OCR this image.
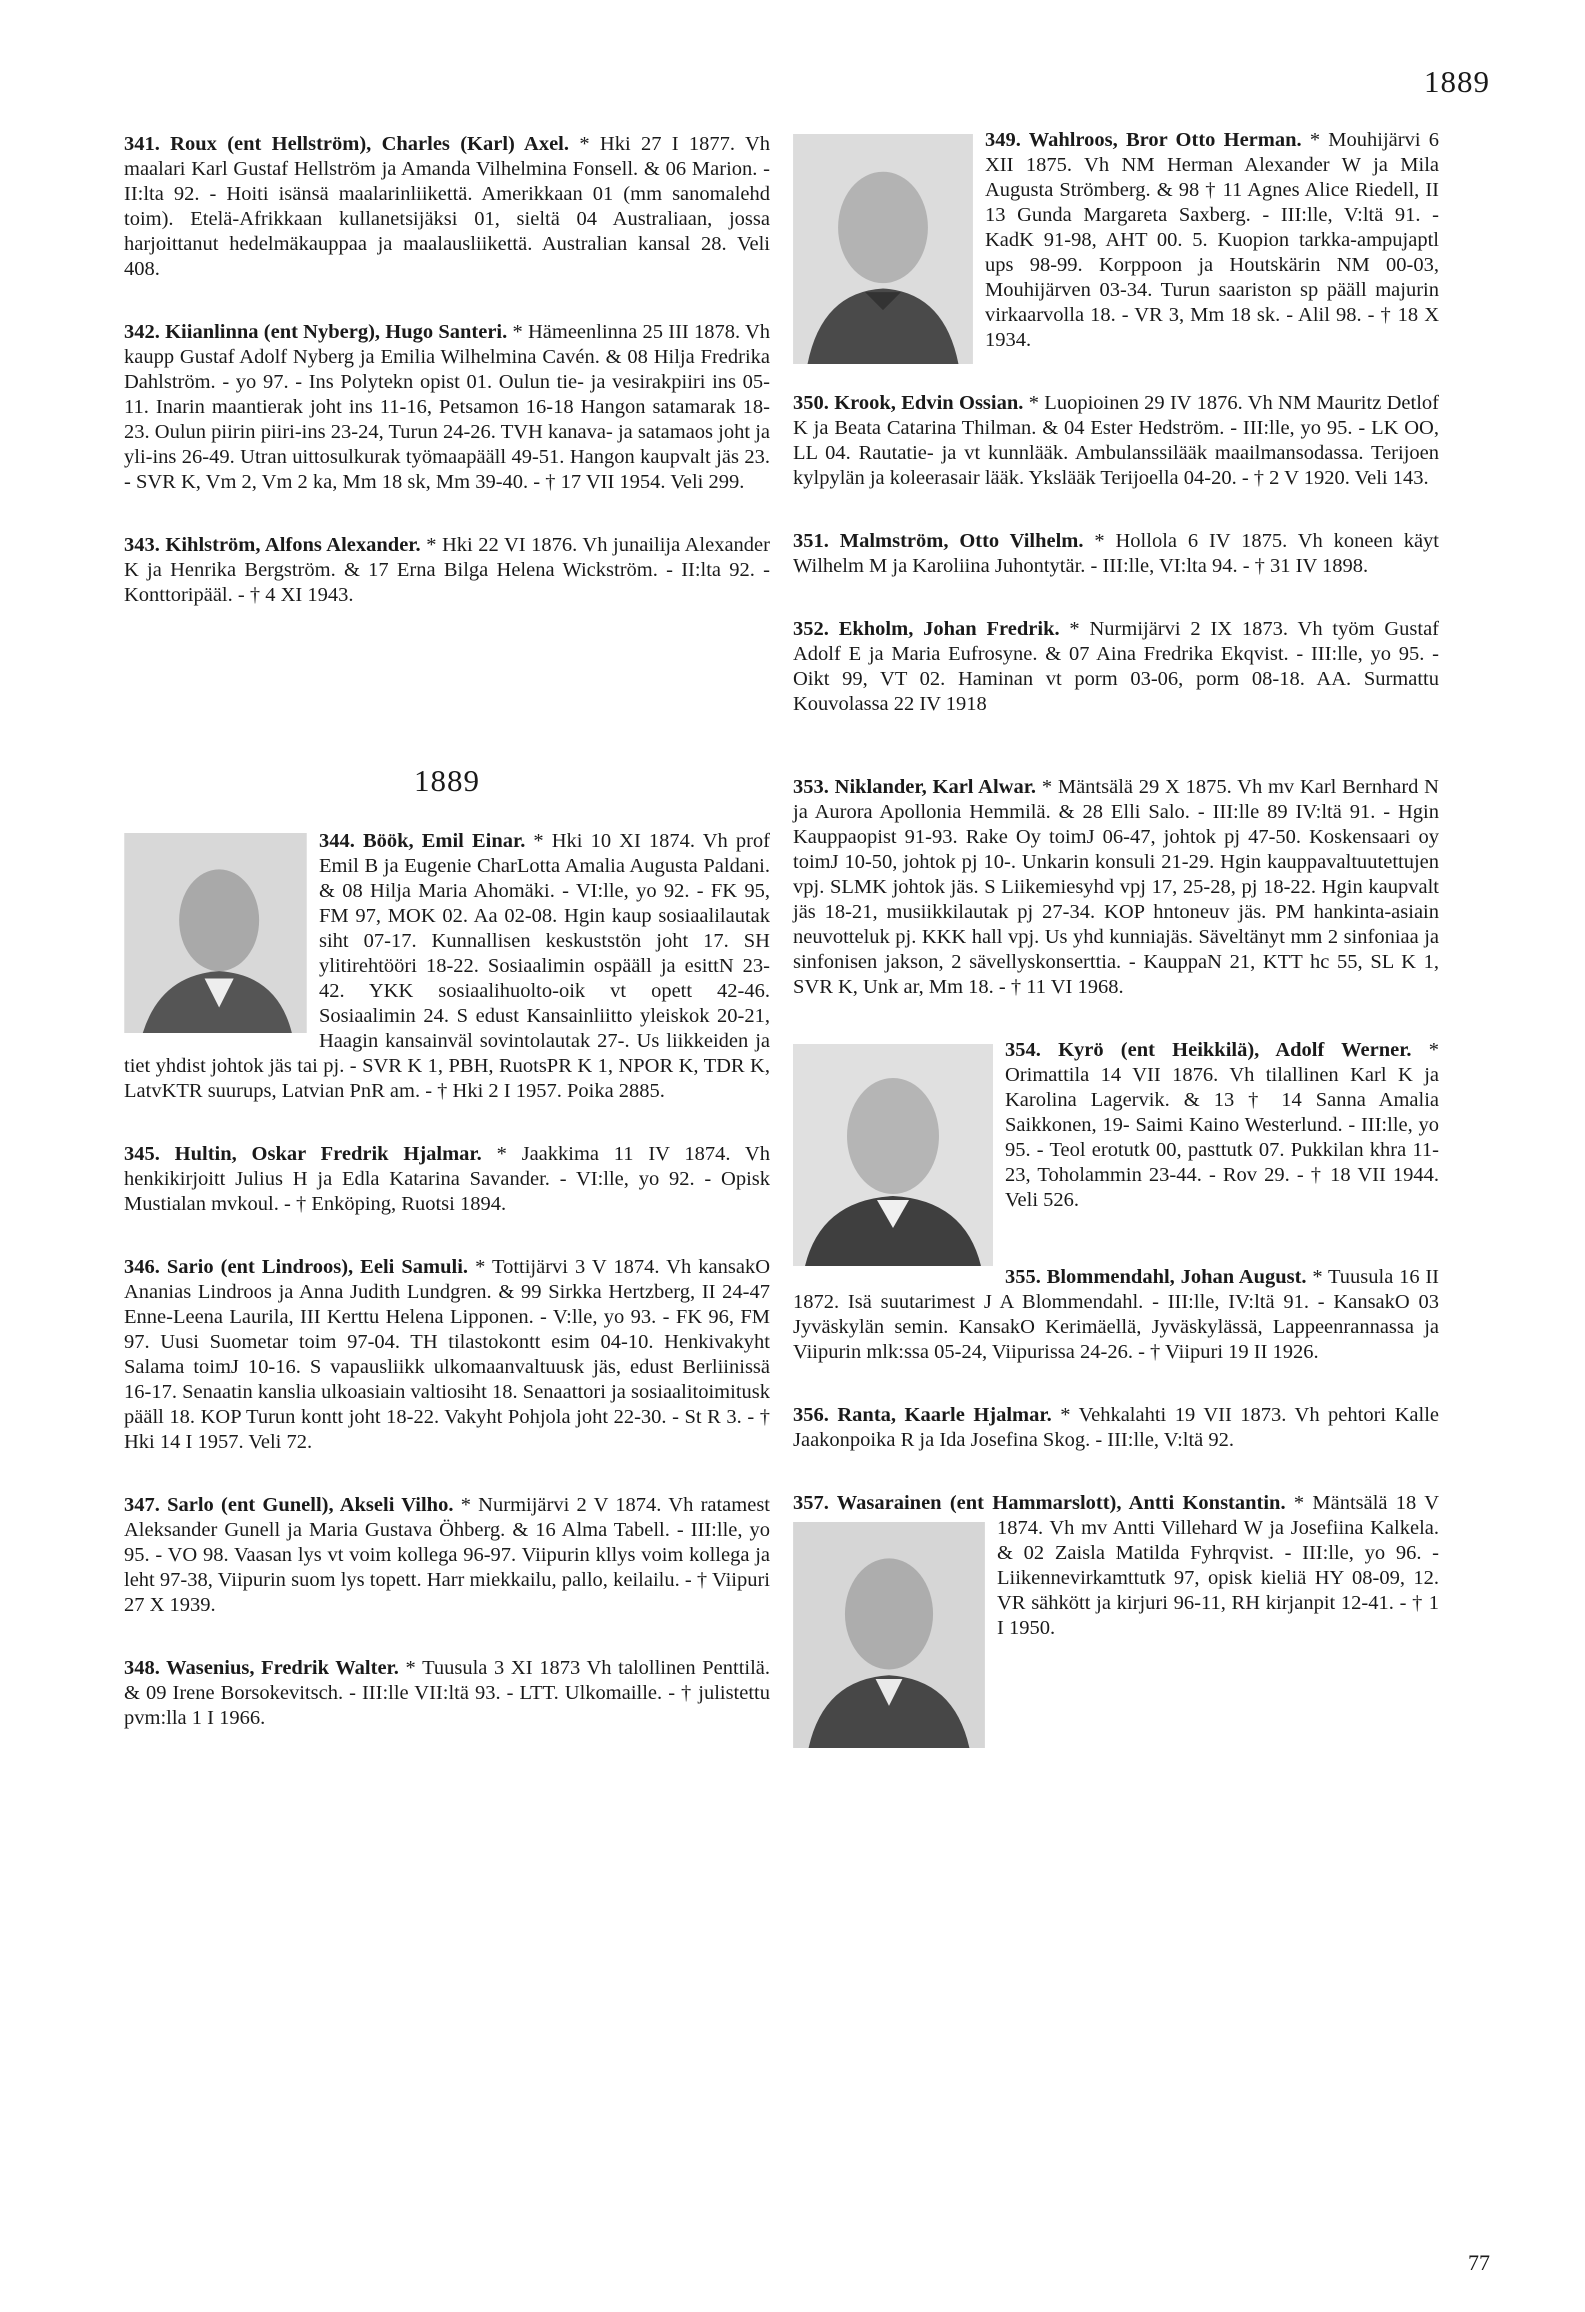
1889

341. Roux (ent Hellström), Charles (Karl) Axel. * Hki 27 I 1877. Vh maalari Karl Gustaf Hellström ja Amanda Vilhelmina Fonsell. & 06 Marion. - II:lta 92. - Hoiti isänsä maalarinliikettä. Amerikkaan 01 (mm sanomalehd toim). Etelä-Afrikkaan kullanetsijäksi 01, sieltä 04 Australiaan, jossa harjoittanut hedelmäkauppaa ja maalausliikettä. Australian kansal 28. Veli 408.

342. Kiianlinna (ent Nyberg), Hugo Santeri. * Hämeenlinna 25 III 1878. Vh kaupp Gustaf Adolf Nyberg ja Emilia Wilhelmina Cavén. & 08 Hilja Fredrika Dahlström. - yo 97. - Ins Polytekn opist 01. Oulun tie- ja vesirakpiiri ins 05-11. Inarin maantierak joht ins 11-16, Petsamon 16-18 Hangon satamarak 18-23. Oulun piirin piiri-ins 23-24, Turun 24-26. TVH kanava- ja satamaos joht ja yli-ins 26-49. Utran uittosulkurak työmaapääll 49-51. Hangon kaupvalt jäs 23. - SVR K, Vm 2, Vm 2 ka, Mm 18 sk, Mm 39-40. - † 17 VII 1954. Veli 299.

343. Kihlström, Alfons Alexander. * Hki 22 VI 1876. Vh junailija Alexander K ja Henrika Bergström. & 17 Erna Bilga Helena Wickström. - II:lta 92. - Konttoripääl. - † 4 XI 1943.

1889

344. Böök, Emil Einar. * Hki 10 XI 1874. Vh prof Emil B ja Eugenie CharLotta Amalia Augusta Paldani. & 08 Hilja Maria Ahomäki. - VI:lle, yo 92. - FK 95, FM 97, MOK 02. Aa 02-08. Hgin kaup sosiaalilautak siht 07-17. Kunnallisen keskuststön joht 17. SH ylitirehtööri 18-22. Sosiaalimin ospääll ja esittN 23-42. YKK sosiaalihuolto-oik vt opett 42-46. Sosiaalimin 24. S edust Kansainliitto yleiskok 20-21, Haagin kansainväl sovintolautak 27-. Us liikkeiden ja tiet yhdist johtok jäs tai pj. - SVR K 1, PBH, RuotsPR K 1, NPOR K, TDR K, LatvKTR suurups, Latvian PnR am. - † Hki 2 I 1957. Poika 2885.

345. Hultin, Oskar Fredrik Hjalmar. * Jaakkima 11 IV 1874. Vh henkikirjoitt Julius H ja Edla Katarina Savander. - VI:lle, yo 92. - Opisk Mustialan mvkoul. - † Enköping, Ruotsi 1894.

346. Sario (ent Lindroos), Eeli Samuli. * Tottijärvi 3 V 1874. Vh kansakO Ananias Lindroos ja Anna Judith Lundgren. & 99 Sirkka Hertzberg, II 24-47 Enne-Leena Laurila, III Kerttu Helena Lipponen. - V:lle, yo 93. - FK 96, FM 97. Uusi Suometar toim 97-04. TH tilastokontt esim 04-10. Henkivakyht Salama toimJ 10-16. S vapausliikk ulkomaanvaltuusk jäs, edust Berliinissä 16-17. Senaatin kanslia ulkoasiain valtiosiht 18. Senaattori ja sosiaalitoimitusk pääll 18. KOP Turun kontt joht 18-22. Vakyht Pohjola joht 22-30. - St R 3. - † Hki 14 I 1957. Veli 72.

347. Sarlo (ent Gunell), Akseli Vilho. * Nurmijärvi 2 V 1874. Vh ratamest Aleksander Gunell ja Maria Gustava Öhberg. & 16 Alma Tabell. - III:lle, yo 95. - VO 98. Vaasan lys vt voim kollega 96-97. Viipurin kllys voim kollega ja leht 97-38, Viipurin suom lys topett. Harr miekkailu, pallo, keilailu. - † Viipuri 27 X 1939.

348. Wasenius, Fredrik Walter. * Tuusula 3 XI 1873 Vh talollinen Penttilä. & 09 Irene Borsokevitsch. - III:lle VII:ltä 93. - LTT. Ulkomaille. - † julistettu pvm:lla 1 I 1966.

349. Wahlroos, Bror Otto Herman. * Mouhijärvi 6 XII 1875. Vh NM Herman Alexander W ja Mila Augusta Strömberg. & 98 † 11 Agnes Alice Riedell, II 13 Gunda Margareta Saxberg. - III:lle, V:ltä 91. - KadK 91-98, AHT 00. 5. Kuopion tarkka-ampujaptl ups 98-99. Korppoon ja Houtskärin NM 00-03, Mouhijärven 03-34. Turun saariston sp pääll majurin virkaarvolla 18. - VR 3, Mm 18 sk. - Alil 98. - † 18 X 1934.

350. Krook, Edvin Ossian. * Luopioinen 29 IV 1876. Vh NM Mauritz Detlof K ja Beata Catarina Thilman. & 04 Ester Hedström. - III:lle, yo 95. - LK OO, LL 04. Rautatie- ja vt kunnlääk. Ambulanssilääk maailmansodassa. Terijoen kylpylän ja koleerasair lääk. Ykslääk Terijoella 04-20. - † 2 V 1920. Veli 143.

351. Malmström, Otto Vilhelm. * Hollola 6 IV 1875. Vh koneen käyt Wilhelm M ja Karoliina Juhontytär. - III:lle, VI:lta 94. - † 31 IV 1898.

352. Ekholm, Johan Fredrik. * Nurmijärvi 2 IX 1873. Vh työm Gustaf Adolf E ja Maria Eufrosyne. & 07 Aina Fredrika Ekqvist. - III:lle, yo 95. - Oikt 99, VT 02. Haminan vt porm 03-06, porm 08-18. AA. Surmattu Kouvolassa 22 IV 1918

353. Niklander, Karl Alwar. * Mäntsälä 29 X 1875. Vh mv Karl Bernhard N ja Aurora Apollonia Hemmilä. & 28 Elli Salo. - III:lle 89 IV:ltä 91. - Hgin Kauppaopist 91-93. Rake Oy toimJ 06-47, johtok pj 47-50. Koskensaari oy toimJ 10-50, johtok pj 10-. Unkarin konsuli 21-29. Hgin kauppavaltuutettujen vpj. SLMK johtok jäs. S Liikemiesyhd vpj 17, 25-28, pj 18-22. Hgin kaupvalt jäs 18-21, musiikkilautak pj 27-34. KOP hntoneuv jäs. PM hankinta-asiain neuvotteluk pj. KKK hall vpj. Us yhd kunniajäs. Säveltänyt mm 2 sinfoniaa ja sinfonisen jakson, 2 sävellyskonserttia. - KauppaN 21, KTT hc 55, SL K 1, SVR K, Unk ar, Mm 18. - † 11 VI 1968.

354. Kyrö (ent Heikkilä), Adolf Werner. * Orimattila 14 VII 1876. Vh tilallinen Karl K ja Karolina Lagervik. & 13 † 14 Sanna Amalia Saikkonen, 19- Saimi Kaino Westerlund. - III:lle, yo 95. - Teol erotutk 00, pasttutk 07. Pukkilan khra 11-23, Toholammin 23-44. - Rov 29. - † 18 VII 1944. Veli 526.

355. Blommendahl, Johan August. * Tuusula 16 II 1872. Isä suutarimest J A Blommendahl. - III:lle, IV:ltä 91. - KansakO 03 Jyväskylän semin. KansakO Kerimäellä, Jyväskylässä, Lappeenrannassa ja Viipurin mlk:ssa 05-24, Viipurissa 24-26. - † Viipuri 19 II 1926.

356. Ranta, Kaarle Hjalmar. * Vehkalahti 19 VII 1873. Vh pehtori Kalle Jaakonpoika R ja Ida Josefina Skog. - III:lle, V:ltä 92.

357. Wasarainen (ent Hammarslott), Antti Konstantin. * Mäntsälä 18 V 1874. Vh mv Antti Villehard W ja Josefiina Kalkela. & 02 Zaisla Matilda Fyhrqvist. - III:lle, yo 96. - Liikennevirkamttutk 97, opisk kieliä HY 08-09, 12. VR sähkött ja kirjuri 96-11, RH kirjanpit 12-41. - † 1 I 1950.

77
